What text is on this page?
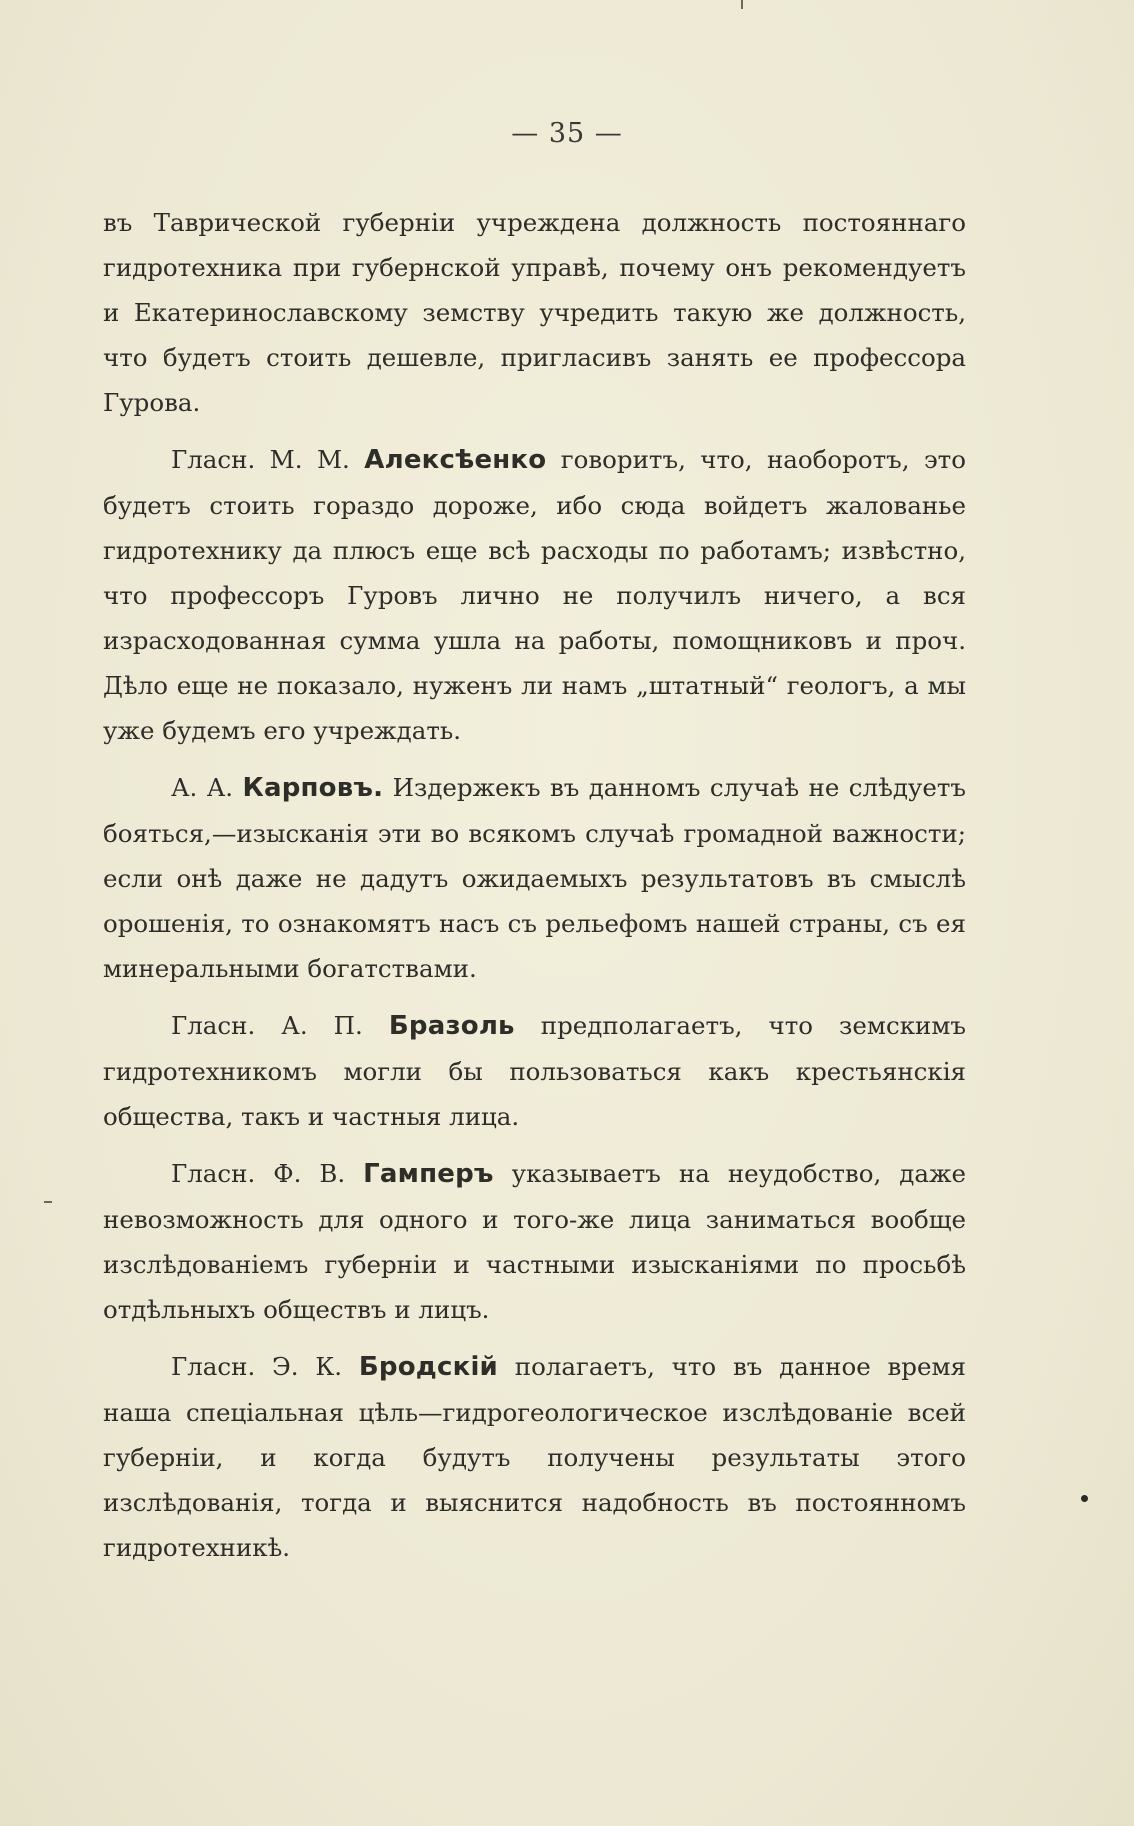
— 35 —

въ Таврической губерніи учреждена должность постояннаго гидротехника при губернской управѣ, почему онъ рекомендуетъ и Екатеринославскому земству учредить такую же должность, что будетъ стоить дешевле, пригласивъ занять ее профессора Гурова.

Гласн. М. М. Алексѣенко говоритъ, что, наоборотъ, это будетъ стоить гораздо дороже, ибо сюда войдетъ жалованье гидротехнику да плюсъ еще всѣ расходы по работамъ; извѣстно, что профессоръ Гуровъ лично не получилъ ничего, а вся израсходованная сумма ушла на работы, помощниковъ и проч. Дѣло еще не показало, нуженъ ли намъ „штатный“ геологъ, а мы уже будемъ его учреждать.

А. А. Карповъ. Издержекъ въ данномъ случаѣ не слѣдуетъ бояться,—изысканія эти во всякомъ случаѣ громадной важности; если онѣ даже не дадутъ ожидаемыхъ результатовъ въ смыслѣ орошенія, то ознакомятъ насъ съ рельефомъ нашей страны, съ ея минеральными богатствами.

Гласн. А. П. Бразоль предполагаетъ, что земскимъ гидротехникомъ могли бы пользоваться какъ крестьянскія общества, такъ и частныя лица.

Гласн. Ф. В. Гамперъ указываетъ на неудобство, даже невозможность для одного и того-же лица заниматься вообще изслѣдованіемъ губерніи и частными изысканіями по просьбѣ отдѣльныхъ обществъ и лицъ.

Гласн. Э. К. Бродскій полагаетъ, что въ данное время наша спеціальная цѣль—гидрогеологическое изслѣдованіе всей губерніи, и когда будутъ получены результаты этого изслѣдованія, тогда и выяснится надобность въ постоянномъ гидротехникѣ.
